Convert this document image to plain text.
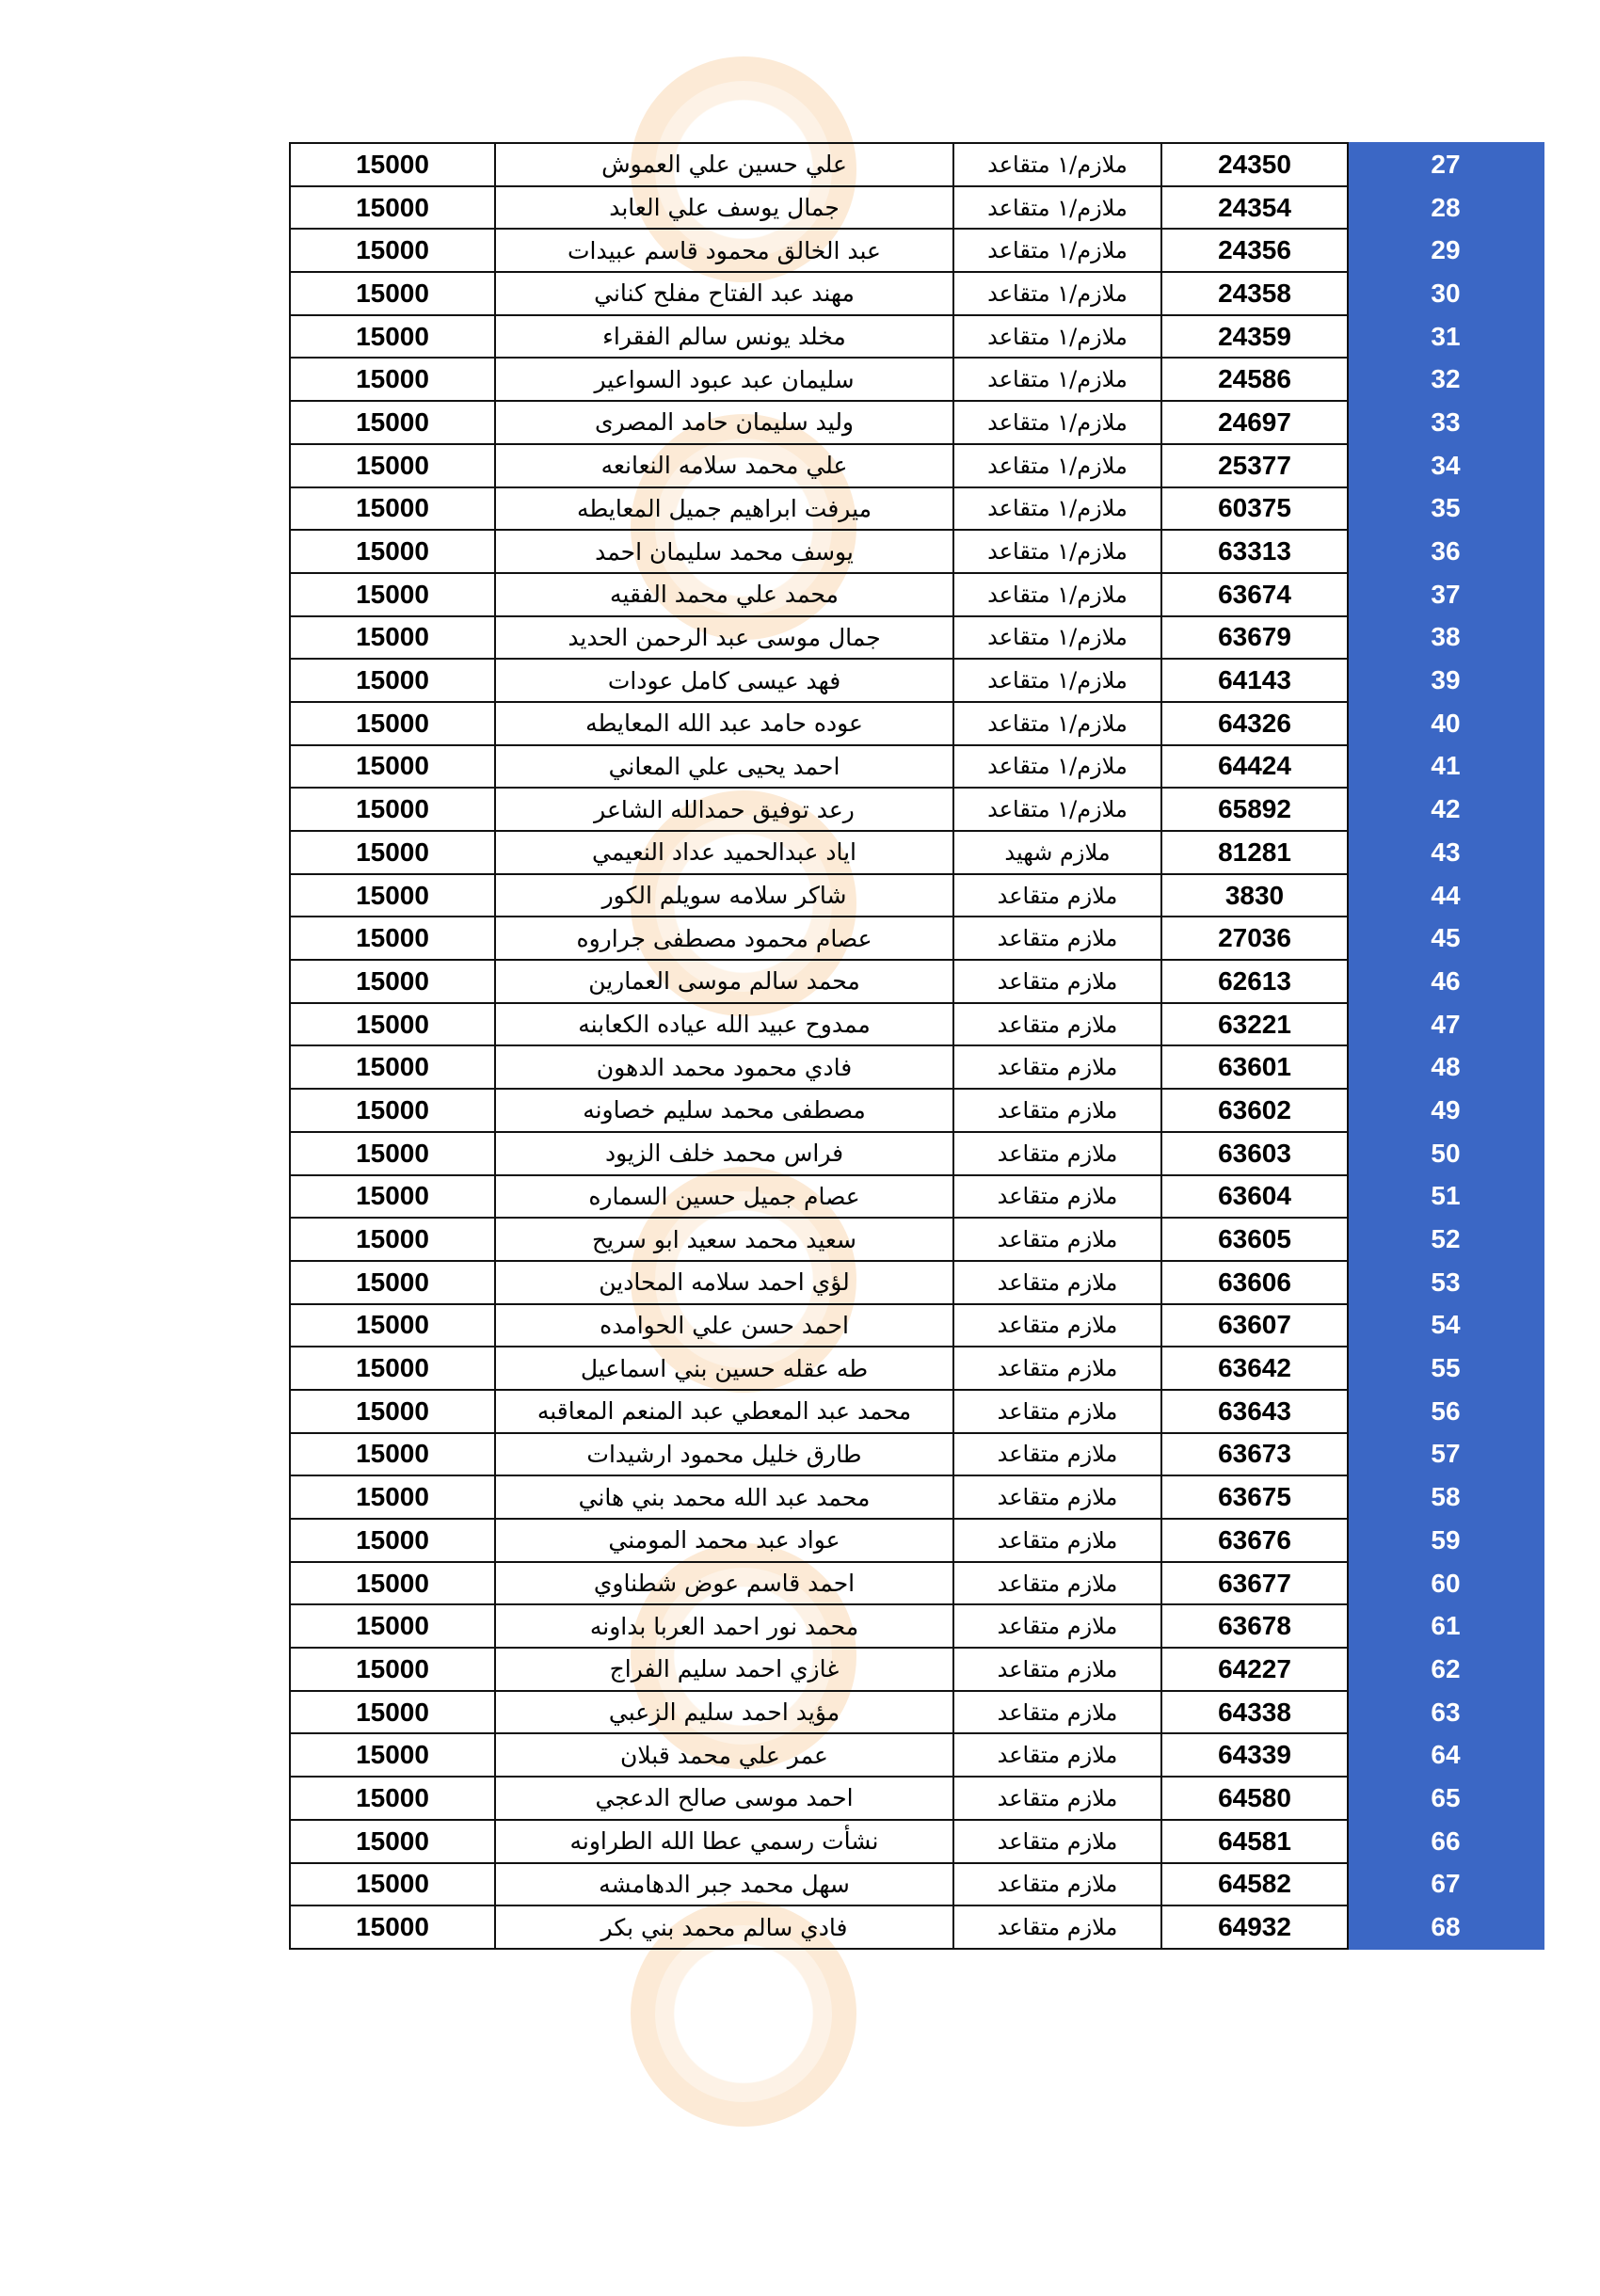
15000	علي حسين علي العموش	ملازم/١ متقاعد	24350	27
15000	جمال يوسف علي العابد	ملازم/١ متقاعد	24354	28
15000	عبد الخالق محمود قاسم عبيدات	ملازم/١ متقاعد	24356	29
15000	مهند عبد الفتاح مفلح كناني	ملازم/١ متقاعد	24358	30
15000	مخلد يونس سالم الفقراء	ملازم/١ متقاعد	24359	31
15000	سليمان عبد عبود السواعير	ملازم/١ متقاعد	24586	32
15000	وليد سليمان حامد المصرى	ملازم/١ متقاعد	24697	33
15000	علي محمد سلامه النعانعه	ملازم/١ متقاعد	25377	34
15000	ميرفت ابراهيم جميل المعايطه	ملازم/١ متقاعد	60375	35
15000	يوسف محمد سليمان احمد	ملازم/١ متقاعد	63313	36
15000	محمد علي محمد الفقيه	ملازم/١ متقاعد	63674	37
15000	جمال موسى عبد الرحمن الحديد	ملازم/١ متقاعد	63679	38
15000	فهد عيسى كامل عودات	ملازم/١ متقاعد	64143	39
15000	عوده حامد عبد الله المعايطه	ملازم/١ متقاعد	64326	40
15000	احمد يحيى علي المعاني	ملازم/١ متقاعد	64424	41
15000	رعد توفيق حمدالله الشاعر	ملازم/١ متقاعد	65892	42
15000	اياد عبدالحميد عداد النعيمي	ملازم شهيد	81281	43
15000	شاكر سلامه سويلم الكور	ملازم متقاعد	3830	44
15000	عصام محمود مصطفى جراروه	ملازم متقاعد	27036	45
15000	محمد سالم موسى العمارين	ملازم متقاعد	62613	46
15000	ممدوح عبيد الله عياده الكعابنه	ملازم متقاعد	63221	47
15000	فادي محمود محمد الدهون	ملازم متقاعد	63601	48
15000	مصطفى محمد سليم خصاونه	ملازم متقاعد	63602	49
15000	فراس محمد خلف الزيود	ملازم متقاعد	63603	50
15000	عصام جميل حسين السماره	ملازم متقاعد	63604	51
15000	سعيد محمد سعيد ابو سريح	ملازم متقاعد	63605	52
15000	لؤي احمد سلامه المحادين	ملازم متقاعد	63606	53
15000	احمد حسن علي الحوامده	ملازم متقاعد	63607	54
15000	طه عقله حسين بني اسماعيل	ملازم متقاعد	63642	55
15000	محمد عبد المعطي عبد المنعم المعاقبه	ملازم متقاعد	63643	56
15000	طارق خليل محمود ارشيدات	ملازم متقاعد	63673	57
15000	محمد عبد الله محمد بني هاني	ملازم متقاعد	63675	58
15000	عواد عبد محمد المومني	ملازم متقاعد	63676	59
15000	احمد قاسم عوض شطناوي	ملازم متقاعد	63677	60
15000	محمد نور احمد العربا بداونه	ملازم متقاعد	63678	61
15000	غازي احمد سليم الفراج	ملازم متقاعد	64227	62
15000	مؤيد احمد سليم الزعبي	ملازم متقاعد	64338	63
15000	عمر علي محمد قبلان	ملازم متقاعد	64339	64
15000	احمد موسى صالح الدعجي	ملازم متقاعد	64580	65
15000	نشأت رسمي عطا الله الطراونه	ملازم متقاعد	64581	66
15000	سهل محمد جبر الدهامشه	ملازم متقاعد	64582	67
15000	فادي سالم محمد بني بكر	ملازم متقاعد	64932	68
